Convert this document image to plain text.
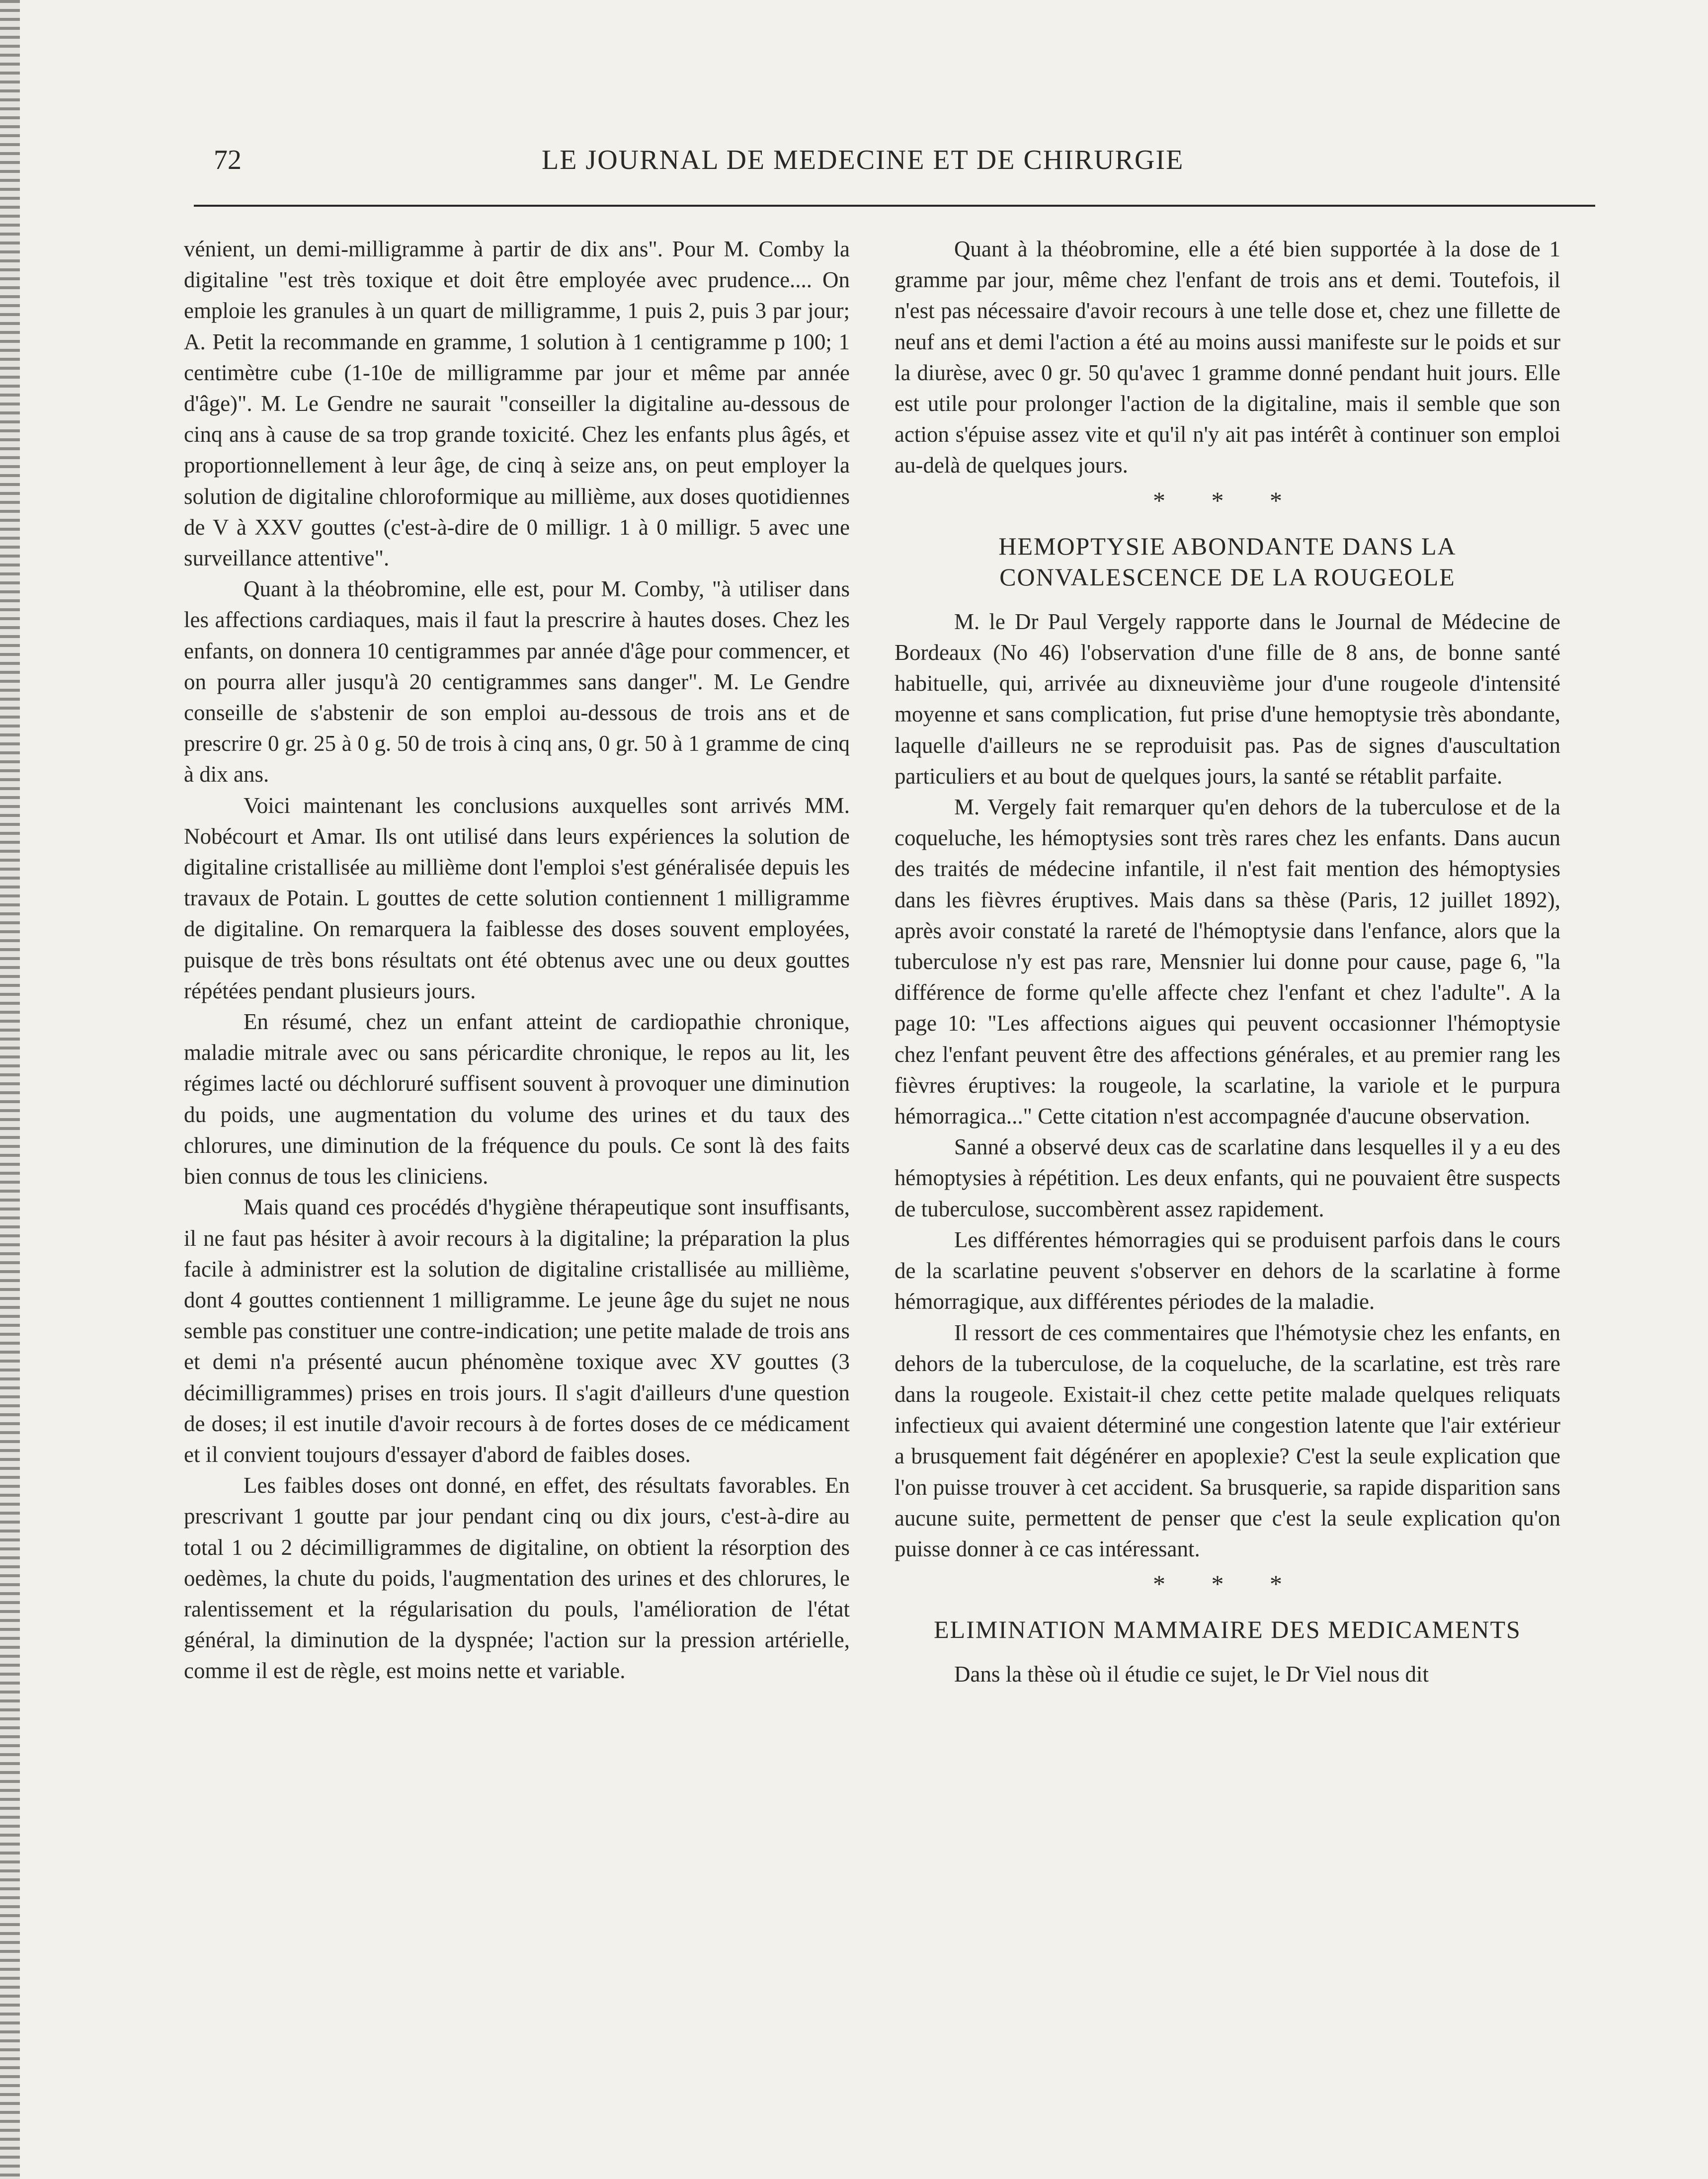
72	LE JOURNAL DE MEDECINE ET DE CHIRURGIE

vénient, un demi-milligramme à partir de dix ans". Pour M. Comby la digitaline "est très toxique et doit être employée avec prudence.... On emploie les granules à un quart de milligramme, 1 puis 2, puis 3 par jour; A. Petit la recommande en gramme, 1 solution à 1 centigramme p 100; 1 centimètre cube (1-10e de milligramme par jour et même par année d'âge)". M. Le Gendre ne saurait "conseiller la digitaline au-dessous de cinq ans à cause de sa trop grande toxicité. Chez les enfants plus âgés, et proportionnellement à leur âge, de cinq à seize ans, on peut employer la solution de digitaline chloroformique au millième, aux doses quotidiennes de V à XXV gouttes (c'est-à-dire de 0 milligr. 1 à 0 milligr. 5 avec une surveillance attentive".

Quant à la théobromine, elle est, pour M. Comby, "à utiliser dans les affections cardiaques, mais il faut la prescrire à hautes doses. Chez les enfants, on donnera 10 centigrammes par année d'âge pour commencer, et on pourra aller jusqu'à 20 centigrammes sans danger". M. Le Gendre conseille de s'abstenir de son emploi au-dessous de trois ans et de prescrire 0 gr. 25 à 0 g. 50 de trois à cinq ans, 0 gr. 50 à 1 gramme de cinq à dix ans.

Voici maintenant les conclusions auxquelles sont arrivés MM. Nobécourt et Amar. Ils ont utilisé dans leurs expériences la solution de digitaline cristallisée au millième dont l'emploi s'est généralisée depuis les travaux de Potain. L gouttes de cette solution contiennent 1 milligramme de digitaline. On remarquera la faiblesse des doses souvent employées, puisque de très bons résultats ont été obtenus avec une ou deux gouttes répétées pendant plusieurs jours.

En résumé, chez un enfant atteint de cardiopathie chronique, maladie mitrale avec ou sans péricardite chronique, le repos au lit, les régimes lacté ou déchloruré suffisent souvent à provoquer une diminution du poids, une augmentation du volume des urines et du taux des chlorures, une diminution de la fréquence du pouls. Ce sont là des faits bien connus de tous les cliniciens.

Mais quand ces procédés d'hygiène thérapeutique sont insuffisants, il ne faut pas hésiter à avoir recours à la digitaline; la préparation la plus facile à administrer est la solution de digitaline cristallisée au millième, dont 4 gouttes contiennent 1 milligramme. Le jeune âge du sujet ne nous semble pas constituer une contre-indication; une petite malade de trois ans et demi n'a présenté aucun phénomène toxique avec XV gouttes (3 décimilligrammes) prises en trois jours. Il s'agit d'ailleurs d'une question de doses; il est inutile d'avoir recours à de fortes doses de ce médicament et il convient toujours d'essayer d'abord de faibles doses.

Les faibles doses ont donné, en effet, des résultats favorables. En prescrivant 1 goutte par jour pendant cinq ou dix jours, c'est-à-dire au total 1 ou 2 décimilligrammes de digitaline, on obtient la résorption des oedèmes, la chute du poids, l'augmentation des urines et des chlorures, le ralentissement et la régularisation du pouls, l'amélioration de l'état général, la diminution de la dyspnée; l'action sur la pression artérielle, comme il est de règle, est moins nette et variable.

Quant à la théobromine, elle a été bien supportée à la dose de 1 gramme par jour, même chez l'enfant de trois ans et demi. Toutefois, il n'est pas nécessaire d'avoir recours à une telle dose et, chez une fillette de neuf ans et demi l'action a été au moins aussi manifeste sur le poids et sur la diurèse, avec 0 gr. 50 qu'avec 1 gramme donné pendant huit jours. Elle est utile pour prolonger l'action de la digitaline, mais il semble que son action s'épuise assez vite et qu'il n'y ait pas intérêt à continuer son emploi au-delà de quelques jours.

* * *
HEMOPTYSIE ABONDANTE DANS LA CONVALESCENCE DE LA ROUGEOLE

M. le Dr Paul Vergely rapporte dans le Journal de Médecine de Bordeaux (No 46) l'observation d'une fille de 8 ans, de bonne santé habituelle, qui, arrivée au dixneuvième jour d'une rougeole d'intensité moyenne et sans complication, fut prise d'une hemoptysie très abondante, laquelle d'ailleurs ne se reproduisit pas. Pas de signes d'auscultation particuliers et au bout de quelques jours, la santé se rétablit parfaite.

M. Vergely fait remarquer qu'en dehors de la tuberculose et de la coqueluche, les hémoptysies sont très rares chez les enfants. Dans aucun des traités de médecine infantile, il n'est fait mention des hémoptysies dans les fièvres éruptives. Mais dans sa thèse (Paris, 12 juillet 1892), après avoir constaté la rareté de l'hémoptysie dans l'enfance, alors que la tuberculose n'y est pas rare, Mensnier lui donne pour cause, page 6, "la différence de forme qu'elle affecte chez l'enfant et chez l'adulte". A la page 10: "Les affections aigues qui peuvent occasionner l'hémoptysie chez l'enfant peuvent être des affections générales, et au premier rang les fièvres éruptives: la rougeole, la scarlatine, la variole et le purpura hémorragica..." Cette citation n'est accompagnée d'aucune observation.

Sanné a observé deux cas de scarlatine dans lesquelles il y a eu des hémoptysies à répétition. Les deux enfants, qui ne pouvaient être suspects de tuberculose, succombèrent assez rapidement.

Les différentes hémorragies qui se produisent parfois dans le cours de la scarlatine peuvent s'observer en dehors de la scarlatine à forme hémorragique, aux différentes périodes de la maladie.

Il ressort de ces commentaires que l'hémotysie chez les enfants, en dehors de la tuberculose, de la coqueluche, de la scarlatine, est très rare dans la rougeole. Existait-il chez cette petite malade quelques reliquats infectieux qui avaient déterminé une congestion latente que l'air extérieur a brusquement fait dégénérer en apoplexie? C'est la seule explication que l'on puisse trouver à cet accident. Sa brusquerie, sa rapide disparition sans aucune suite, permettent de penser que c'est la seule explication qu'on puisse donner à ce cas intéressant.

* * *
ELIMINATION MAMMAIRE DES MEDICAMENTS

Dans la thèse où il étudie ce sujet, le Dr Viel nous dit
